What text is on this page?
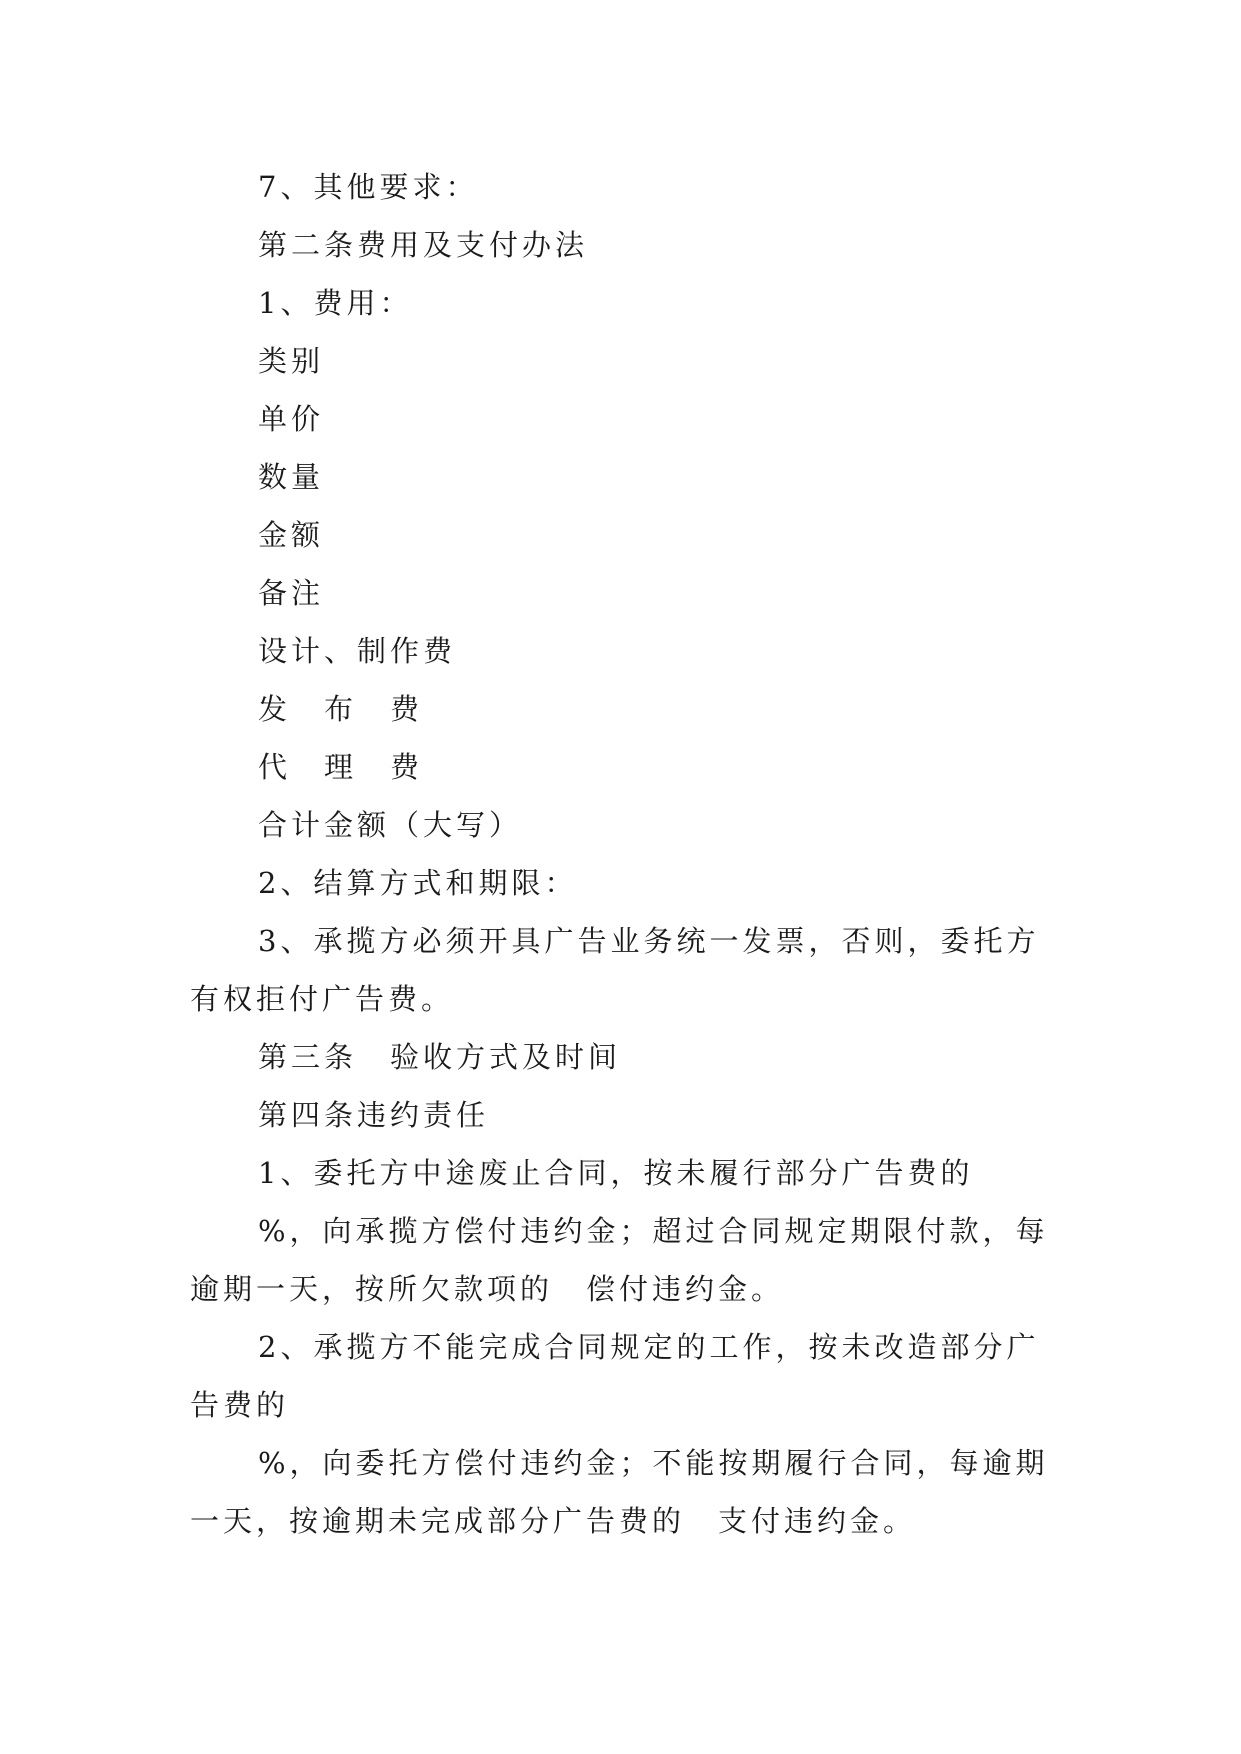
7、其他要求：

第二条费用及支付办法

1、费用：

类别

单价

数量

金额

备注

设计、制作费

发　布　费

代　理　费

合计金额（大写）

2、结算方式和期限：

3、承揽方必须开具广告业务统一发票，否则，委托方有权拒付广告费。

第三条　验收方式及时间

第四条违约责任

1、委托方中途废止合同，按未履行部分广告费的

%，向承揽方偿付违约金；超过合同规定期限付款，每逾期一天，按所欠款项的　偿付违约金。

2、承揽方不能完成合同规定的工作，按未改造部分广告费的

%，向委托方偿付违约金；不能按期履行合同，每逾期一天，按逾期未完成部分广告费的　支付违约金。
